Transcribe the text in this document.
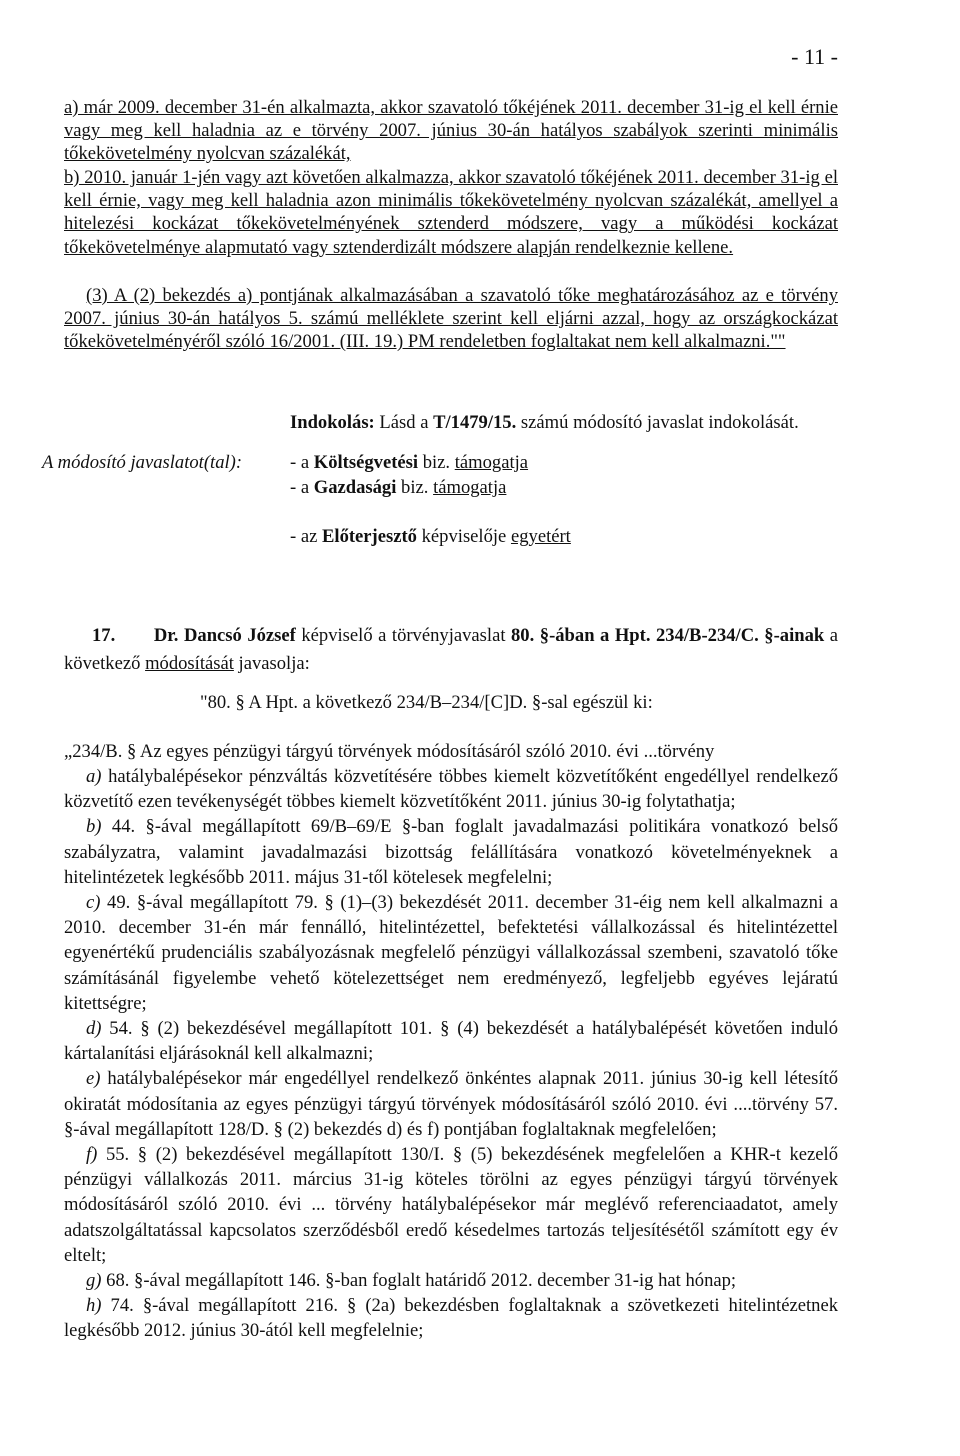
- 11 -

a) már 2009. december 31-én alkalmazta, akkor szavatoló tőkéjének 2011. december 31-ig el kell érnie vagy meg kell haladnia az e törvény 2007. június 30-án hatályos szabályok szerinti minimális tőkekövetelmény nyolcvan százalékát,

b) 2010. január 1-jén vagy azt követően alkalmazza, akkor szavatoló tőkéjének 2011. december 31-ig el kell érnie, vagy meg kell haladnia azon minimális tőkekövetelmény nyolcvan százalékát, amellyel a hitelezési kockázat tőkekövetelményének sztenderd módszere, vagy a működési kockázat tőkekövetelménye alapmutató vagy sztenderdizált módszere alapján rendelkeznie kellene.

(3) A (2) bekezdés a) pontjának alkalmazásában a szavatoló tőke meghatározásához az e törvény 2007. június 30-án hatályos 5. számú melléklete szerint kell eljárni azzal, hogy az országkockázat tőkekövetelményéről szóló 16/2001. (III. 19.) PM rendeletben foglaltakat nem kell alkalmazni.""

Indokolás: Lásd a T/1479/15. számú módosító javaslat indokolását.
A módosító javaslatot(tal):	- a Költségvetési biz. támogatja
- a Gazdasági biz. támogatja
- az Előterjesztő képviselője egyetért
17. Dr. Dancsó József képviselő a törvényjavaslat 80. §-ában a Hpt. 234/B-234/C. §-ainak a következő módosítását javasolja:
"80. § A Hpt. a következő 234/B–234/[C]D. §-sal egészül ki:

„234/B. § Az egyes pénzügyi tárgyú törvények módosításáról szóló 2010. évi ...törvény

a) hatálybalépésekor pénzváltás közvetítésére többes kiemelt közvetítőként engedéllyel rendelkező közvetítő ezen tevékenységét többes kiemelt közvetítőként 2011. június 30-ig folytathatja;

b) 44. §-ával megállapított 69/B–69/E §-ban foglalt javadalmazási politikára vonatkozó belső szabályzatra, valamint javadalmazási bizottság felállítására vonatkozó követelményeknek a hitelintézetek legkésőbb 2011. május 31-től kötelesek megfelelni;

c) 49. §-ával megállapított 79. § (1)–(3) bekezdését 2011. december 31-éig nem kell alkalmazni a 2010. december 31-én már fennálló, hitelintézettel, befektetési vállalkozással és hitelintézettel egyenértékű prudenciális szabályozásnak megfelelő pénzügyi vállalkozással szembeni, szavatoló tőke számításánál figyelembe vehető kötelezettséget nem eredményező, legfeljebb egyéves lejáratú kitettségre;

d) 54. § (2) bekezdésével megállapított 101. § (4) bekezdését a hatálybalépését követően induló kártalanítási eljárásoknál kell alkalmazni;

e) hatálybalépésekor már engedéllyel rendelkező önkéntes alapnak 2011. június 30-ig kell létesítő okiratát módosítania az egyes pénzügyi tárgyú törvények módosításáról szóló 2010. évi ....törvény 57. §-ával megállapított 128/D. § (2) bekezdés d) és f) pontjában foglaltaknak megfelelően;

f) 55. § (2) bekezdésével megállapított 130/I. § (5) bekezdésének megfelelően a KHR-t kezelő pénzügyi vállalkozás 2011. március 31-ig köteles törölni az egyes pénzügyi tárgyú törvények módosításáról szóló 2010. évi ... törvény hatálybalépésekor már meglévő referenciaadatot, amely adatszolgáltatással kapcsolatos szerződésből eredő késedelmes tartozás teljesítésétől számított egy év eltelt;

g) 68. §-ával megállapított 146. §-ban foglalt határidő 2012. december 31-ig hat hónap;

h) 74. §-ával megállapított 216. § (2a) bekezdésben foglaltaknak a szövetkezeti hitelintézetnek legkésőbb 2012. június 30-ától kell megfelelnie;
